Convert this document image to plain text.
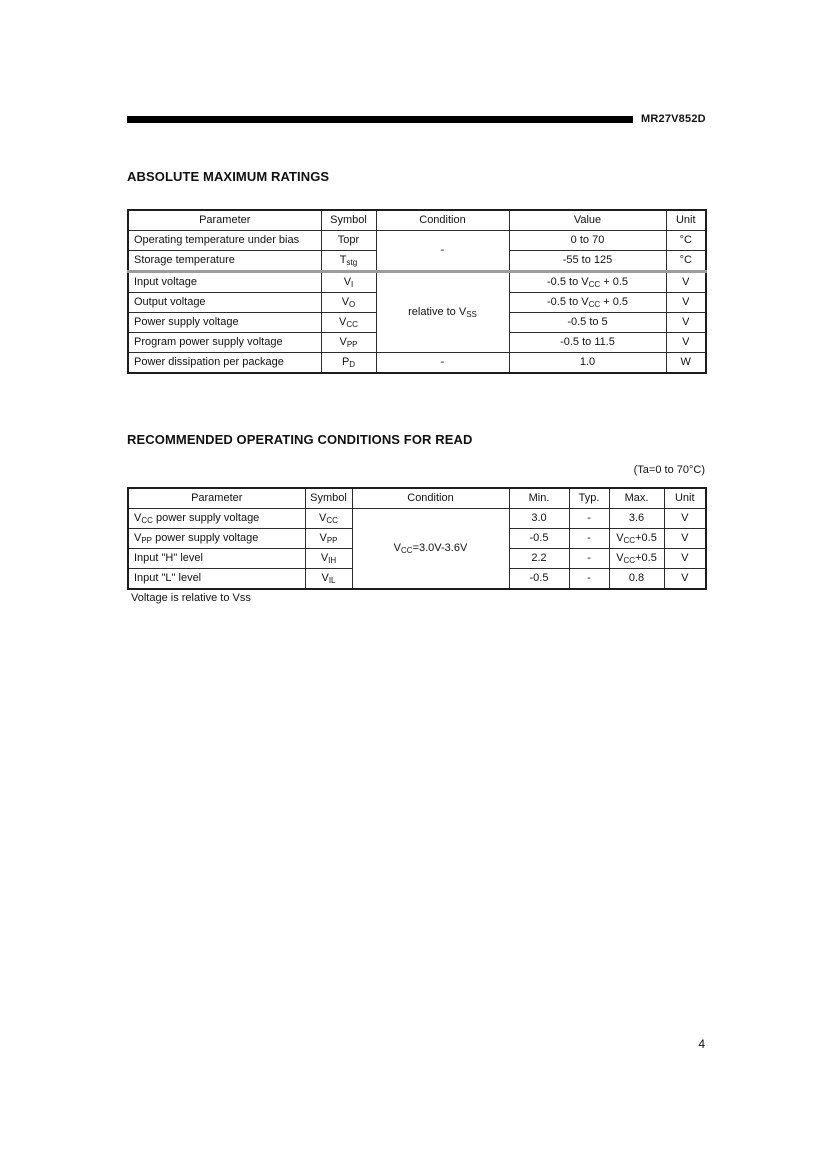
MR27V852D
ABSOLUTE MAXIMUM RATINGS
Parameter	Symbol	Condition	Value	Unit
Operating temperature under bias	Topr	-	0 to 70	°C
Storage temperature	$T_{stg}$		-55 to 125	°C
Input voltage	$V_I$	relative to $V_{SS}$	-0.5 to $V_{CC} + 0.5$	V
Output voltage	$V_O$		-0.5 to $V_{CC} + 0.5$	V
Power supply voltage	$V_{CC}$		-0.5 to 5	V
Program power supply voltage	$V_{PP}$		-0.5 to 11.5	V
Power dissipation per package	$P_D$	-	1.0	W
RECOMMENDED OPERATING CONDITIONS FOR READ
(Ta=0 to 70°C)
Parameter	Symbol	Condition	Min.	Typ.	Max.	Unit
$V_{CC}$ power supply voltage	$V_{CC}$	$V_{CC}=3.0V-3.6V$	3.0	-	3.6	V
$V_{PP}$ power supply voltage	$V_{PP}$		-0.5	-	$V_{CC}+0.5$	V
Input "H" level	$V_{IH}$		2.2	-	$V_{CC}+0.5$	V
Input "L" level	$V_{IL}$		-0.5	-	0.8	V
Voltage is relative to Vss
4
